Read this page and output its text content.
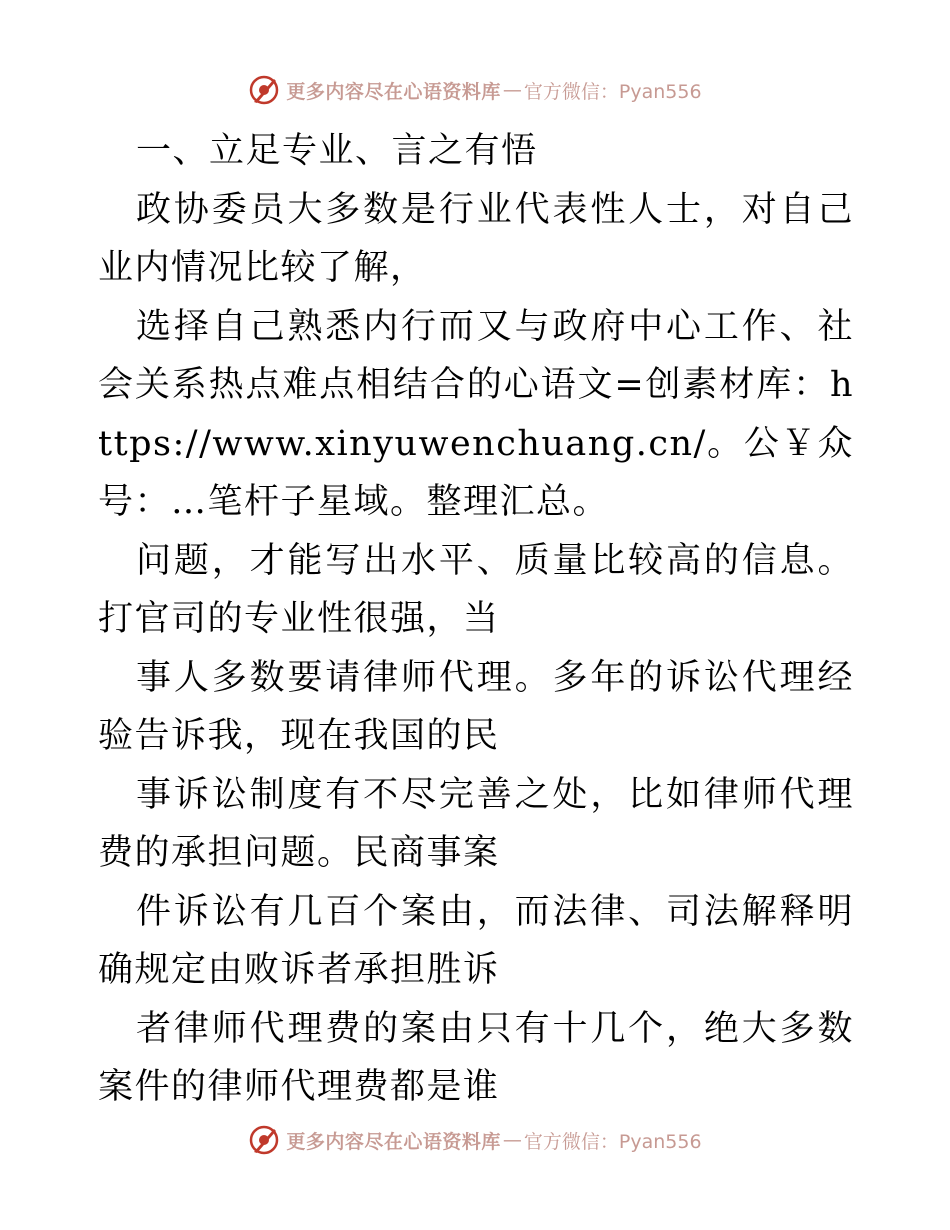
更多内容尽在心语资料库 — 官方微信：Pyan556

一、立足专业、言之有悟

政协委员大多数是行业代表性人士，对自己业内情况比较了解，

选择自己熟悉内行而又与政府中心工作、社会关系热点难点相结合的心语文=创素材库：https://www.xinyuwenchuang.cn/。公￥众号：…笔杆子星域。整理汇总。

问题，才能写出水平、质量比较高的信息。打官司的专业性很强，当

事人多数要请律师代理。多年的诉讼代理经验告诉我，现在我国的民

事诉讼制度有不尽完善之处，比如律师代理费的承担问题。民商事案

件诉讼有几百个案由，而法律、司法解释明确规定由败诉者承担胜诉

者律师代理费的案由只有十几个，绝大多数案件的律师代理费都是谁

更多内容尽在心语资料库 — 官方微信：Pyan556
